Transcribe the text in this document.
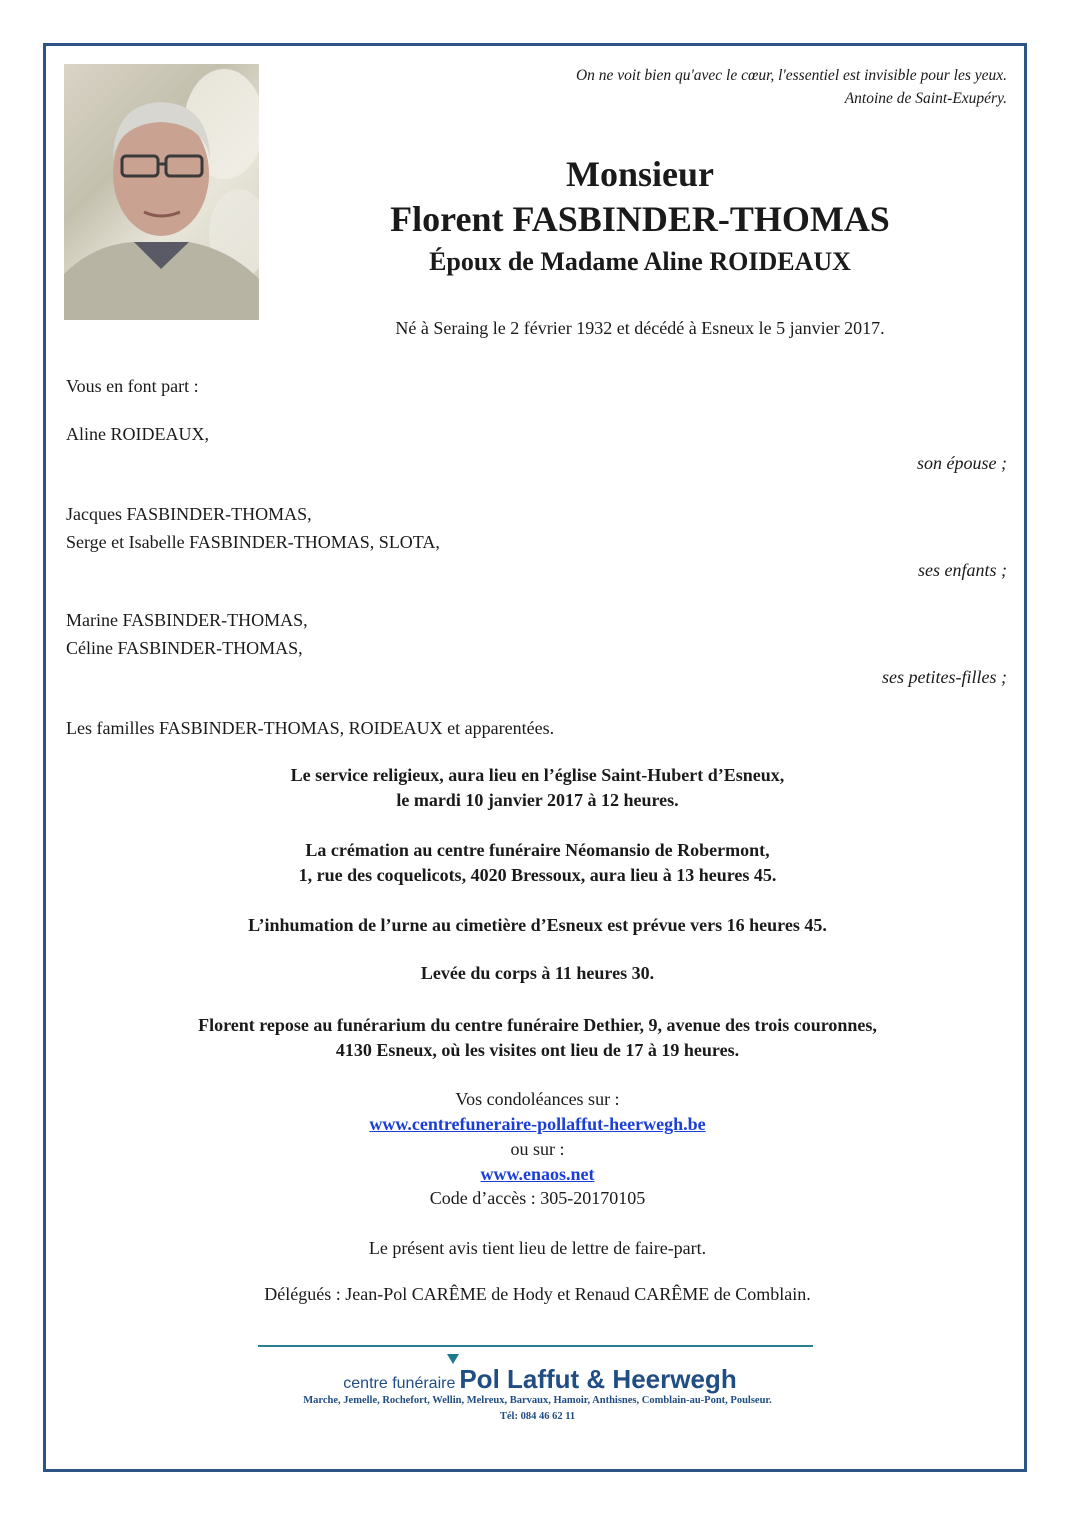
On ne voit bien qu'avec le cœur, l'essentiel est invisible pour les yeux.
Antoine de Saint-Exupéry.
Monsieur
Florent FASBINDER-THOMAS
Époux de Madame Aline ROIDEAUX
Né à Seraing le 2 février 1932 et décédé à Esneux le 5 janvier 2017.
Vous en font part :
Aline ROIDEAUX,
son épouse ;
Jacques FASBINDER-THOMAS,
Serge et Isabelle FASBINDER-THOMAS, SLOTA,
ses enfants ;
Marine FASBINDER-THOMAS,
Céline FASBINDER-THOMAS,
ses petites-filles ;
Les familles FASBINDER-THOMAS, ROIDEAUX et apparentées.
Le service religieux, aura lieu en l’église Saint-Hubert d’Esneux,
le mardi 10 janvier 2017 à 12 heures.
La crémation au centre funéraire Néomansio de Robermont,
1, rue des coquelicots, 4020 Bressoux, aura lieu à 13 heures 45.
L’inhumation de l’urne au cimetière d’Esneux est prévue vers 16 heures 45.
Levée du corps à 11 heures 30.
Florent repose au funérarium du centre funéraire Dethier, 9, avenue des trois couronnes,
4130 Esneux, où les visites ont lieu de 17 à 19 heures.
Vos condoléances sur :
www.centrefuneraire-pollaffut-heerwegh.be
ou sur :
www.enaos.net
Code d’accès : 305-20170105
Le présent avis tient lieu de lettre de faire-part.
Délégués : Jean-Pol CARÊME de Hody et Renaud CARÊME de Comblain.
centre funéraire Pol Laffut & Heerwegh
Marche, Jemelle, Rochefort, Wellin, Melreux, Barvaux, Hamoir, Anthisnes, Comblain-au-Pont, Poulseur.
Tél: 084 46 62 11
